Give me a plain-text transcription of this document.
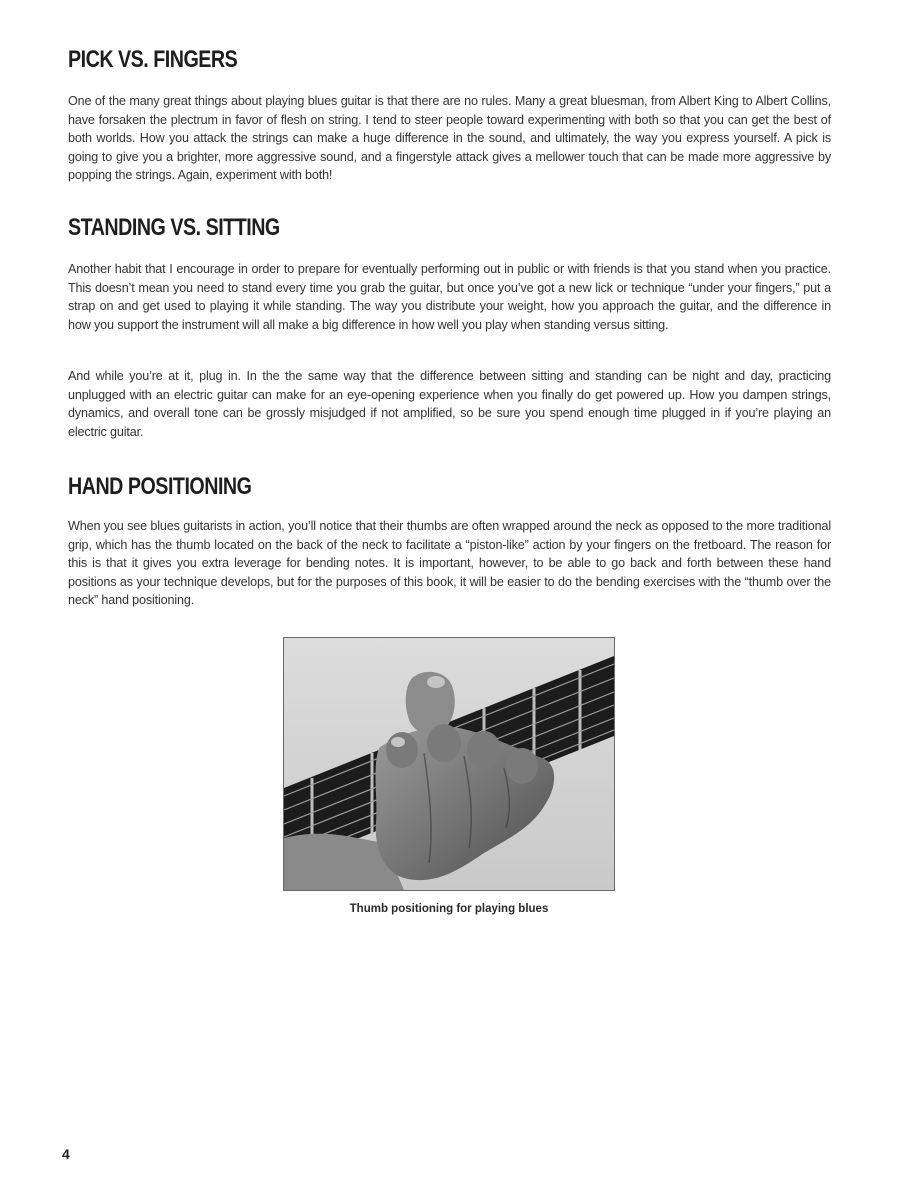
PICK VS. FINGERS

One of the many great things about playing blues guitar is that there are no rules. Many a great bluesman, from Albert King to Albert Collins, have forsaken the plectrum in favor of flesh on string. I tend to steer people toward experimenting with both so that you can get the best of both worlds. How you attack the strings can make a huge difference in the sound, and ultimately, the way you express yourself. A pick is going to give you a brighter, more aggressive sound, and a fingerstyle attack gives a mellower touch that can be made more aggressive by popping the strings. Again, experiment with both!

STANDING VS. SITTING

Another habit that I encourage in order to prepare for eventually performing out in public or with friends is that you stand when you practice. This doesn’t mean you need to stand every time you grab the guitar, but once you’ve got a new lick or technique “under your fingers,” put a strap on and get used to playing it while standing. The way you distribute your weight, how you approach the guitar, and the difference in how you support the instrument will all make a big difference in how well you play when standing versus sitting.

And while you’re at it, plug in. In the the same way that the difference between sitting and standing can be night and day, practicing unplugged with an electric guitar can make for an eye-opening experience when you finally do get powered up. How you dampen strings, dynamics, and overall tone can be grossly misjudged if not amplified, so be sure you spend enough time plugged in if you’re playing an electric guitar.

HAND POSITIONING

When you see blues guitarists in action, you’ll notice that their thumbs are often wrapped around the neck as opposed to the more traditional grip, which has the thumb located on the back of the neck to facilitate a “piston-like” action by your fingers on the fretboard. The reason for this is that it gives you extra leverage for bending notes. It is important, however, to be able to go back and forth between these hand positions as your technique develops, but for the purposes of this book, it will be easier to do the bending exercises with the “thumb over the neck” hand positioning.

Thumb positioning for playing blues

4
